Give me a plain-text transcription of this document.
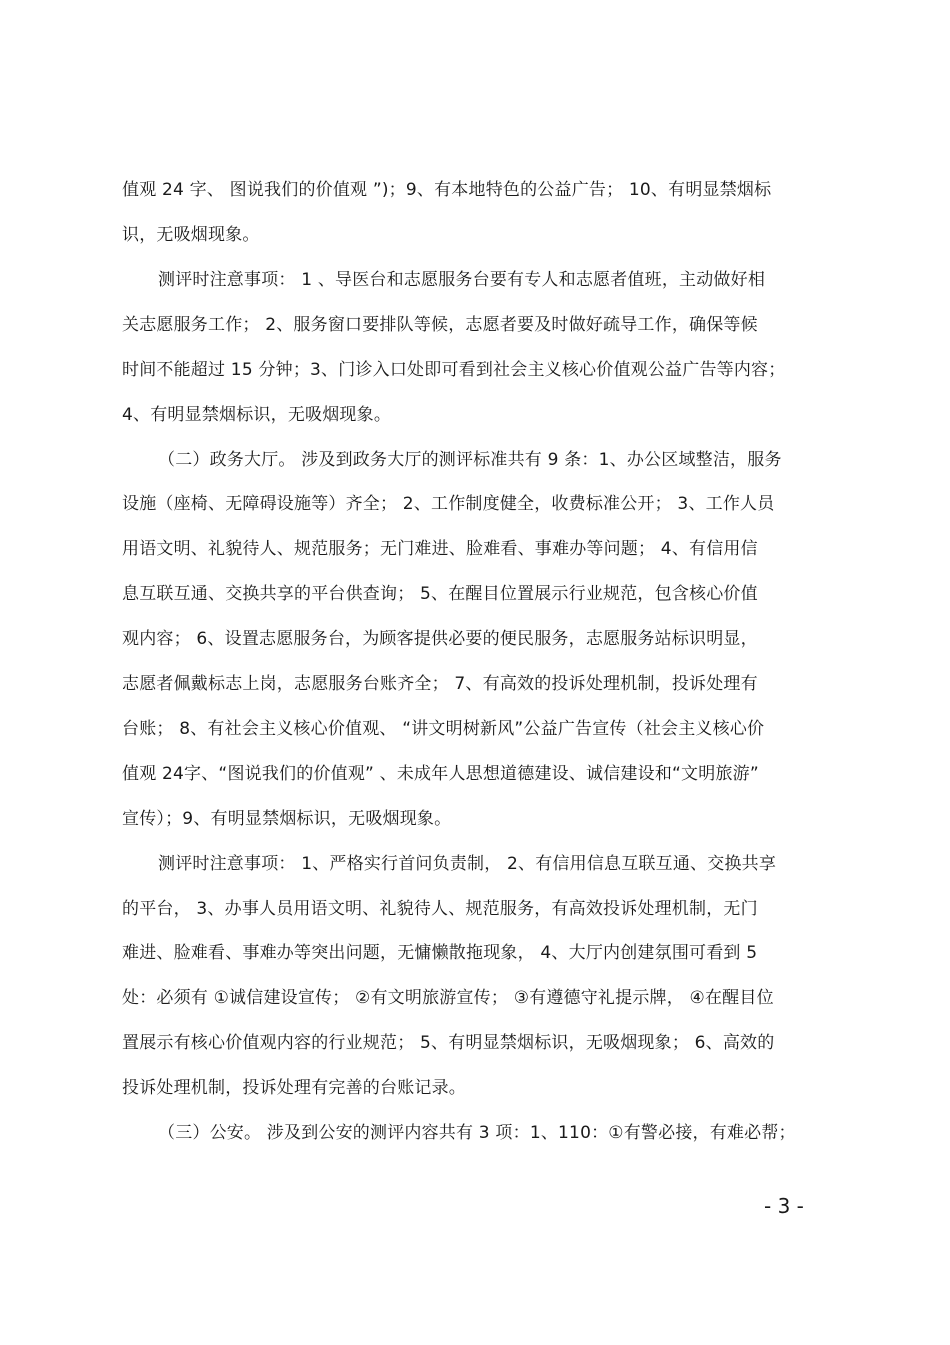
值观 24 字、 图说我们的价值观 ”)；9、有本地特色的公益广告； 10、有明显禁烟标
识，无吸烟现象。
测评时注意事项： 1 、导医台和志愿服务台要有专人和志愿者值班，主动做好相
关志愿服务工作； 2、服务窗口要排队等候，志愿者要及时做好疏导工作，确保等候
时间不能超过 15 分钟；3、门诊入口处即可看到社会主义核心价值观公益广告等内容；
4、有明显禁烟标识，无吸烟现象。
（二）政务大厅。 涉及到政务大厅的测评标准共有 9 条：1、办公区域整洁，服务
设施（座椅、无障碍设施等）齐全； 2、工作制度健全，收费标准公开； 3、工作人员
用语文明、礼貌待人、规范服务；无门难进、脸难看、事难办等问题； 4、有信用信
息互联互通、交换共享的平台供查询； 5、在醒目位置展示行业规范，包含核心价值
观内容； 6、设置志愿服务台，为顾客提供必要的便民服务，志愿服务站标识明显，
志愿者佩戴标志上岗，志愿服务台账齐全； 7、有高效的投诉处理机制，投诉处理有
台账； 8、有社会主义核心价值观、 “讲文明树新风”公益广告宣传（社会主义核心价
值观 24字、“图说我们的价值观” 、未成年人思想道德建设、诚信建设和“文明旅游”
宣传）；9、有明显禁烟标识，无吸烟现象。
测评时注意事项： 1、严格实行首问负责制， 2、有信用信息互联互通、交换共享
的平台， 3、办事人员用语文明、礼貌待人、规范服务，有高效投诉处理机制，无门
难进、脸难看、事难办等突出问题，无慵懒散拖现象， 4、大厅内创建氛围可看到 5
处：必须有 ①诚信建设宣传； ②有文明旅游宣传； ③有遵德守礼提示牌， ④在醒目位
置展示有核心价值观内容的行业规范； 5、有明显禁烟标识，无吸烟现象； 6、高效的
投诉处理机制，投诉处理有完善的台账记录。
（三）公安。 涉及到公安的测评内容共有 3 项：1、110：①有警必接，有难必帮；
- 3 -
